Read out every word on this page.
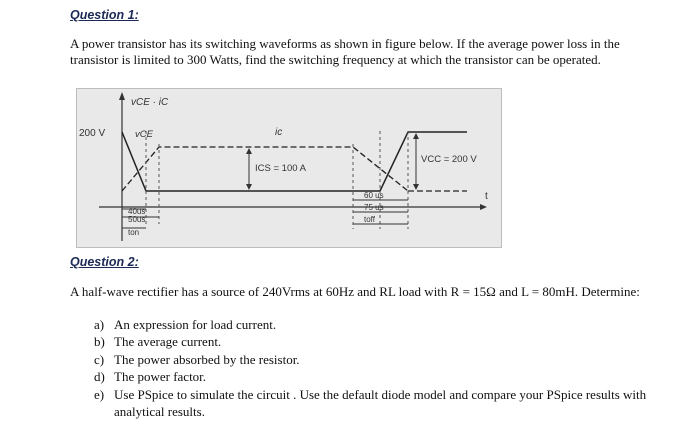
Question 1:
A power transistor has its switching waveforms as shown in figure below. If the average power loss in the transistor is limited to 300 Watts, find the switching frequency at which the transistor can be operated.
vCE · iC
200 V	vCE	ic
ICS = 100 A
VCC = 200 V
t
40us
50us
ton
60 us
75 us
toff
Question 2:
A half-wave rectifier has a source of 240Vrms at 60Hz and RL load with R = 15Ω and L = 80mH. Determine:
a) An expression for load current.
b) The average current.
c) The power absorbed by the resistor.
d) The power factor.
e) Use PSpice to simulate the circuit . Use the default diode model and compare your PSpice results with analytical results.
